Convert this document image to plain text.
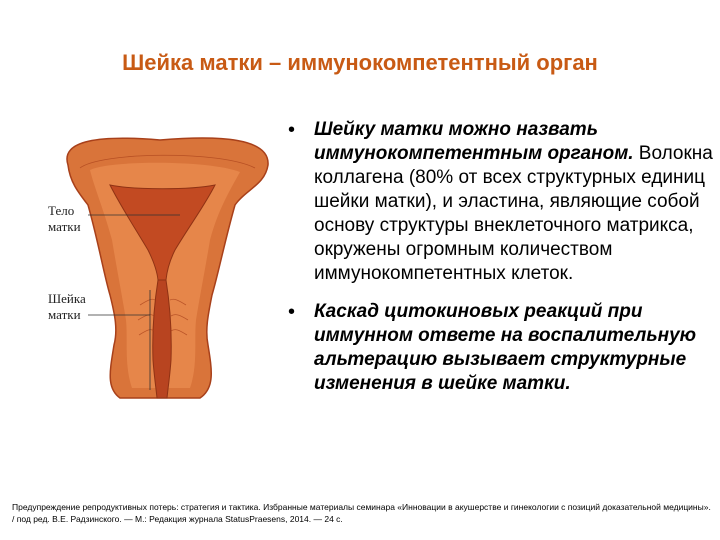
Шейка матки – иммунокомпетентный орган
Тело
матки
Шейка
матки
• Шейку матки можно назвать иммунокомпетентным органом. Волокна коллагена (80% от всех структурных единиц шейки матки), и эластина, являющие собой основу структуры внеклеточного матрикса, окружены огромным количеством иммунокомпетентных клеток.
• Каскад цитокиновых реакций при иммунном ответе на воспалительную альтерацию вызывает структурные изменения в шейке матки.
Предупреждение репродуктивных потерь: стратегия и тактика. Избранные материалы семинара «Инновации в акушерстве и гинекологии с позиций доказательной медицины». / под ред. В.Е. Радзинского. — М.: Редакция журнала StatusPraesens, 2014. — 24 с.
